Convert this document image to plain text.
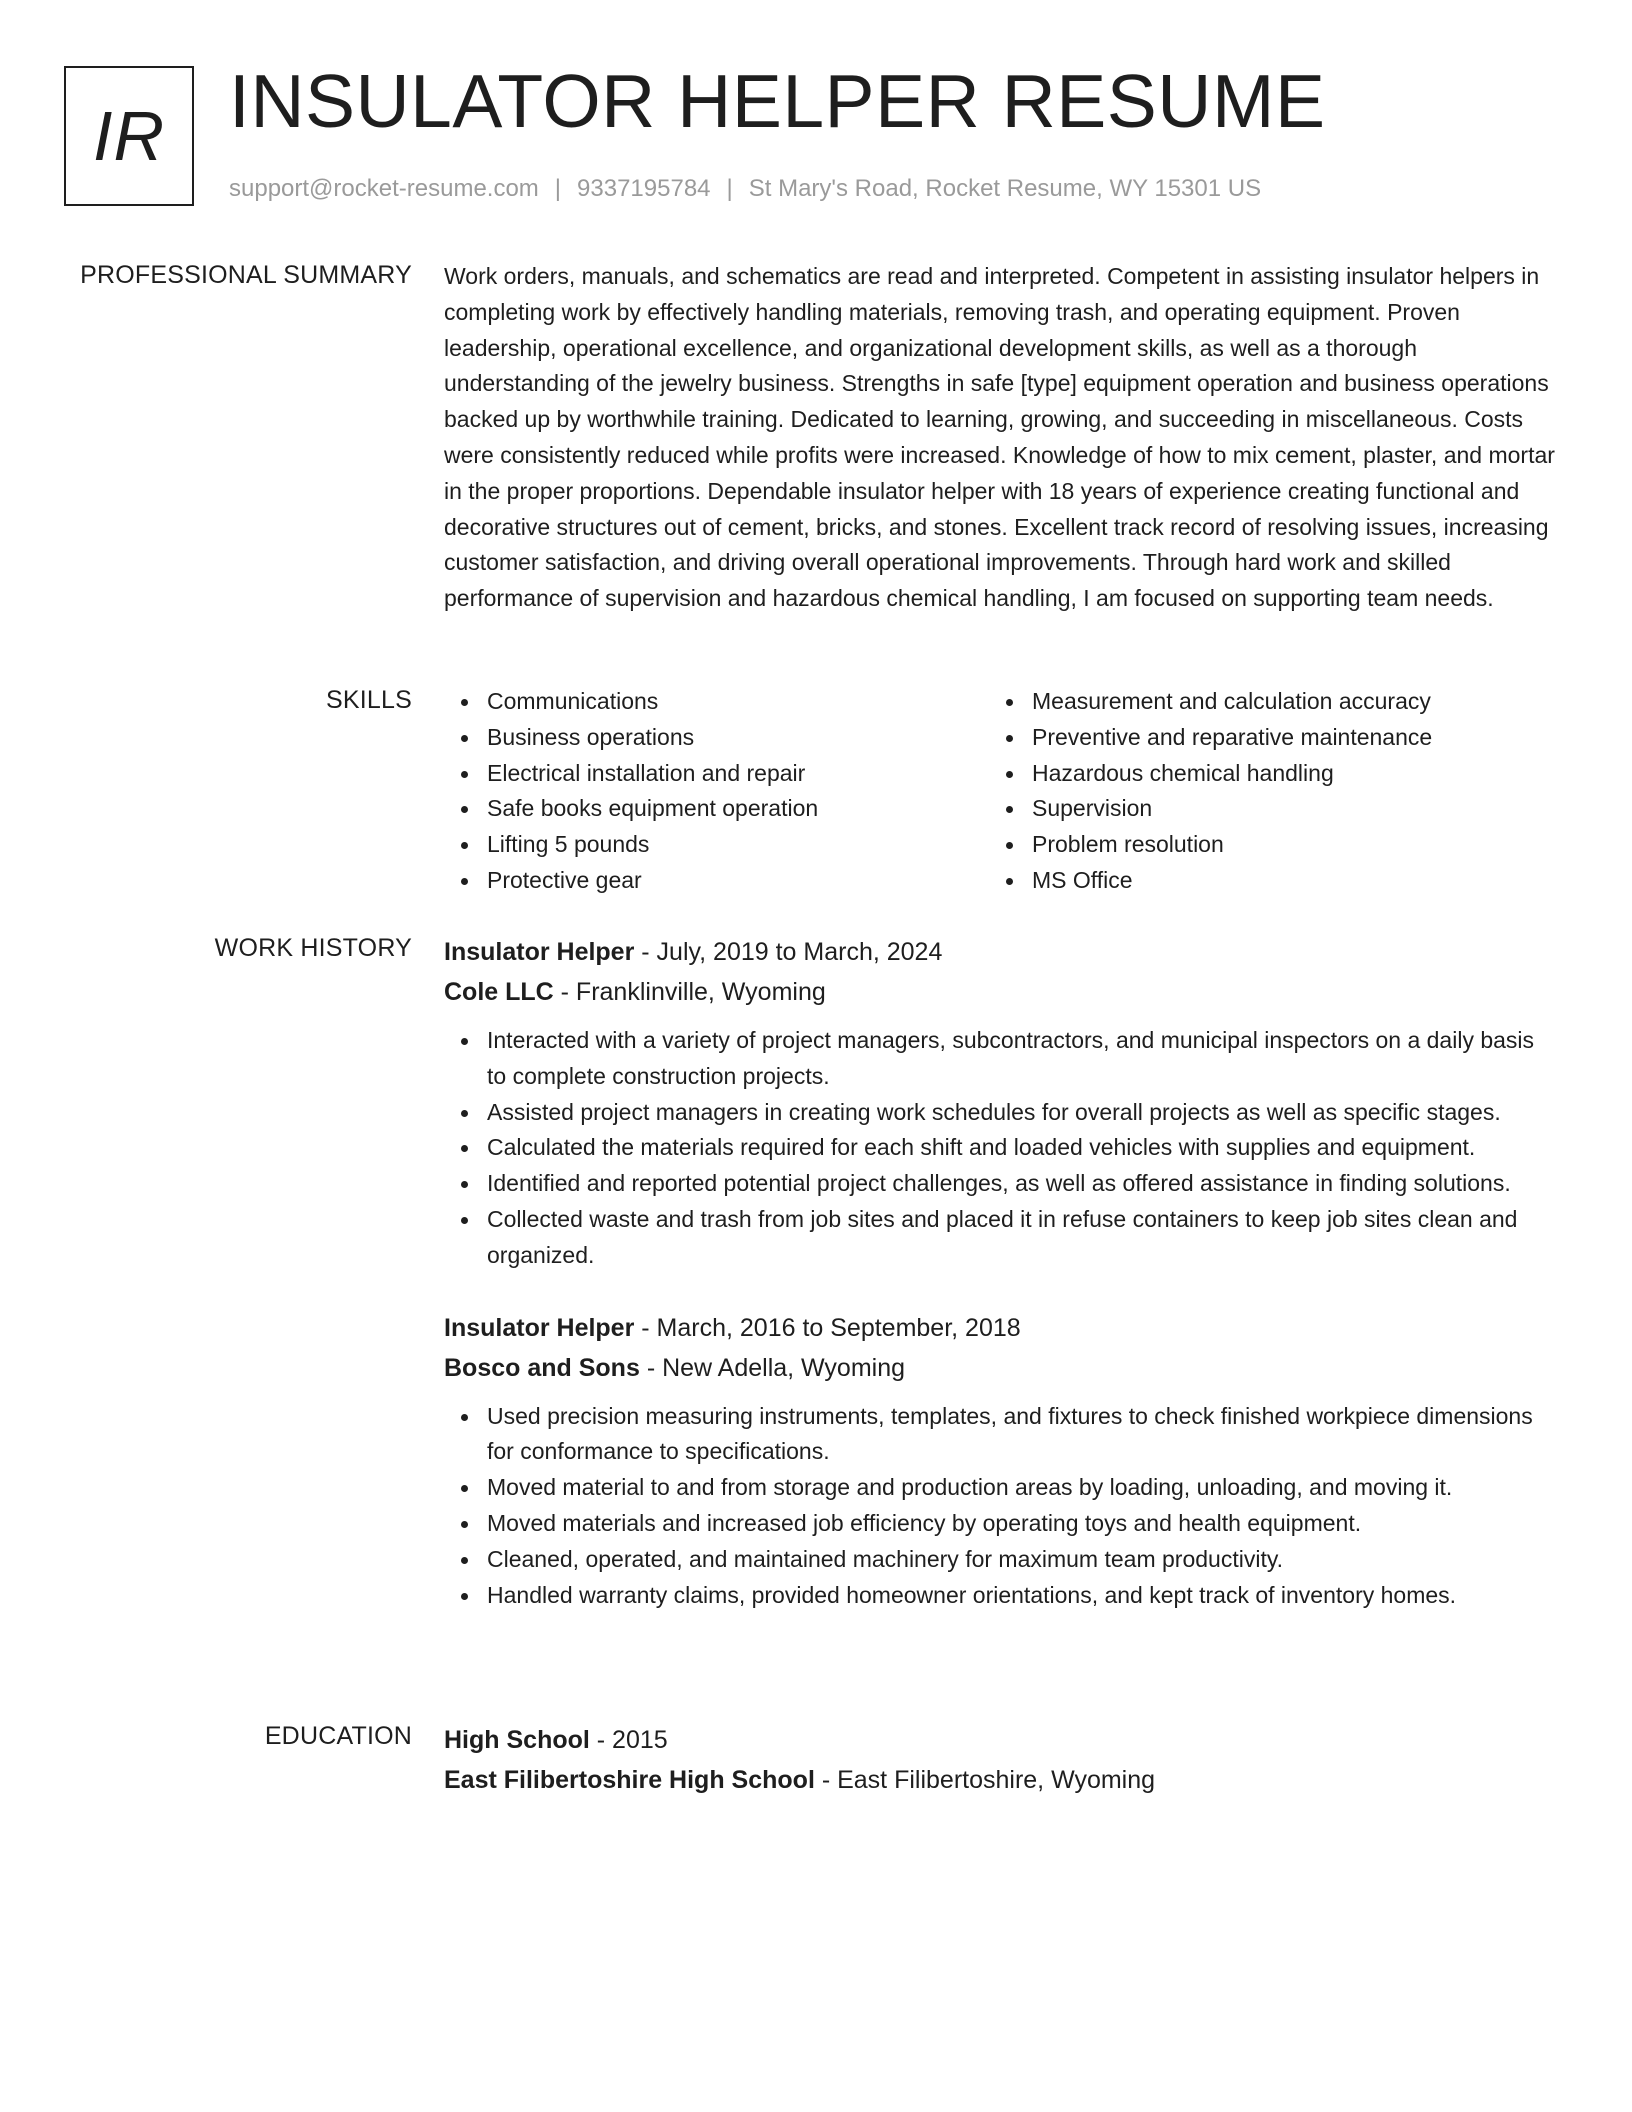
IR INSULATOR HELPER RESUME
support@rocket-resume.com | 9337195784 | St Mary's Road, Rocket Resume, WY 15301 US
PROFESSIONAL SUMMARY Work orders, manuals, and schematics are read and interpreted. Competent in assisting insulator helpers in completing work by effectively handling materials, removing trash, and operating equipment. Proven leadership, operational excellence, and organizational development skills, as well as a thorough understanding of the jewelry business. Strengths in safe [type] equipment operation and business operations backed up by worthwhile training. Dedicated to learning, growing, and succeeding in miscellaneous. Costs were consistently reduced while profits were increased. Knowledge of how to mix cement, plaster, and mortar in the proper proportions. Dependable insulator helper with 18 years of experience creating functional and decorative structures out of cement, bricks, and stones. Excellent track record of resolving issues, increasing customer satisfaction, and driving overall operational improvements. Through hard work and skilled performance of supervision and hazardous chemical handling, I am focused on supporting team needs.

SKILLS	Communications
Business operations
Electrical installation and repair
Safe books equipment operation
Lifting 5 pounds
Protective gear
Measurement and calculation accuracy
Preventive and reparative maintenance
Hazardous chemical handling
Supervision
Problem resolution
MS Office
WORK HISTORY Insulator Helper - July, 2019 to March, 2024
Cole LLC - Franklinville, Wyoming
Interacted with a variety of project managers, subcontractors, and municipal inspectors on a daily basis to complete construction projects.
Assisted project managers in creating work schedules for overall projects as well as specific stages.
Calculated the materials required for each shift and loaded vehicles with supplies and equipment.
Identified and reported potential project challenges, as well as offered assistance in finding solutions.
Collected waste and trash from job sites and placed it in refuse containers to keep job sites clean and organized.
Insulator Helper - March, 2016 to September, 2018
Bosco and Sons - New Adella, Wyoming
Used precision measuring instruments, templates, and fixtures to check finished workpiece dimensions for conformance to specifications.
Moved material to and from storage and production areas by loading, unloading, and moving it.
Moved materials and increased job efficiency by operating toys and health equipment.
Cleaned, operated, and maintained machinery for maximum team productivity.
Handled warranty claims, provided homeowner orientations, and kept track of inventory homes.
EDUCATION High School - 2015
East Filibertoshire High School - East Filibertoshire, Wyoming
